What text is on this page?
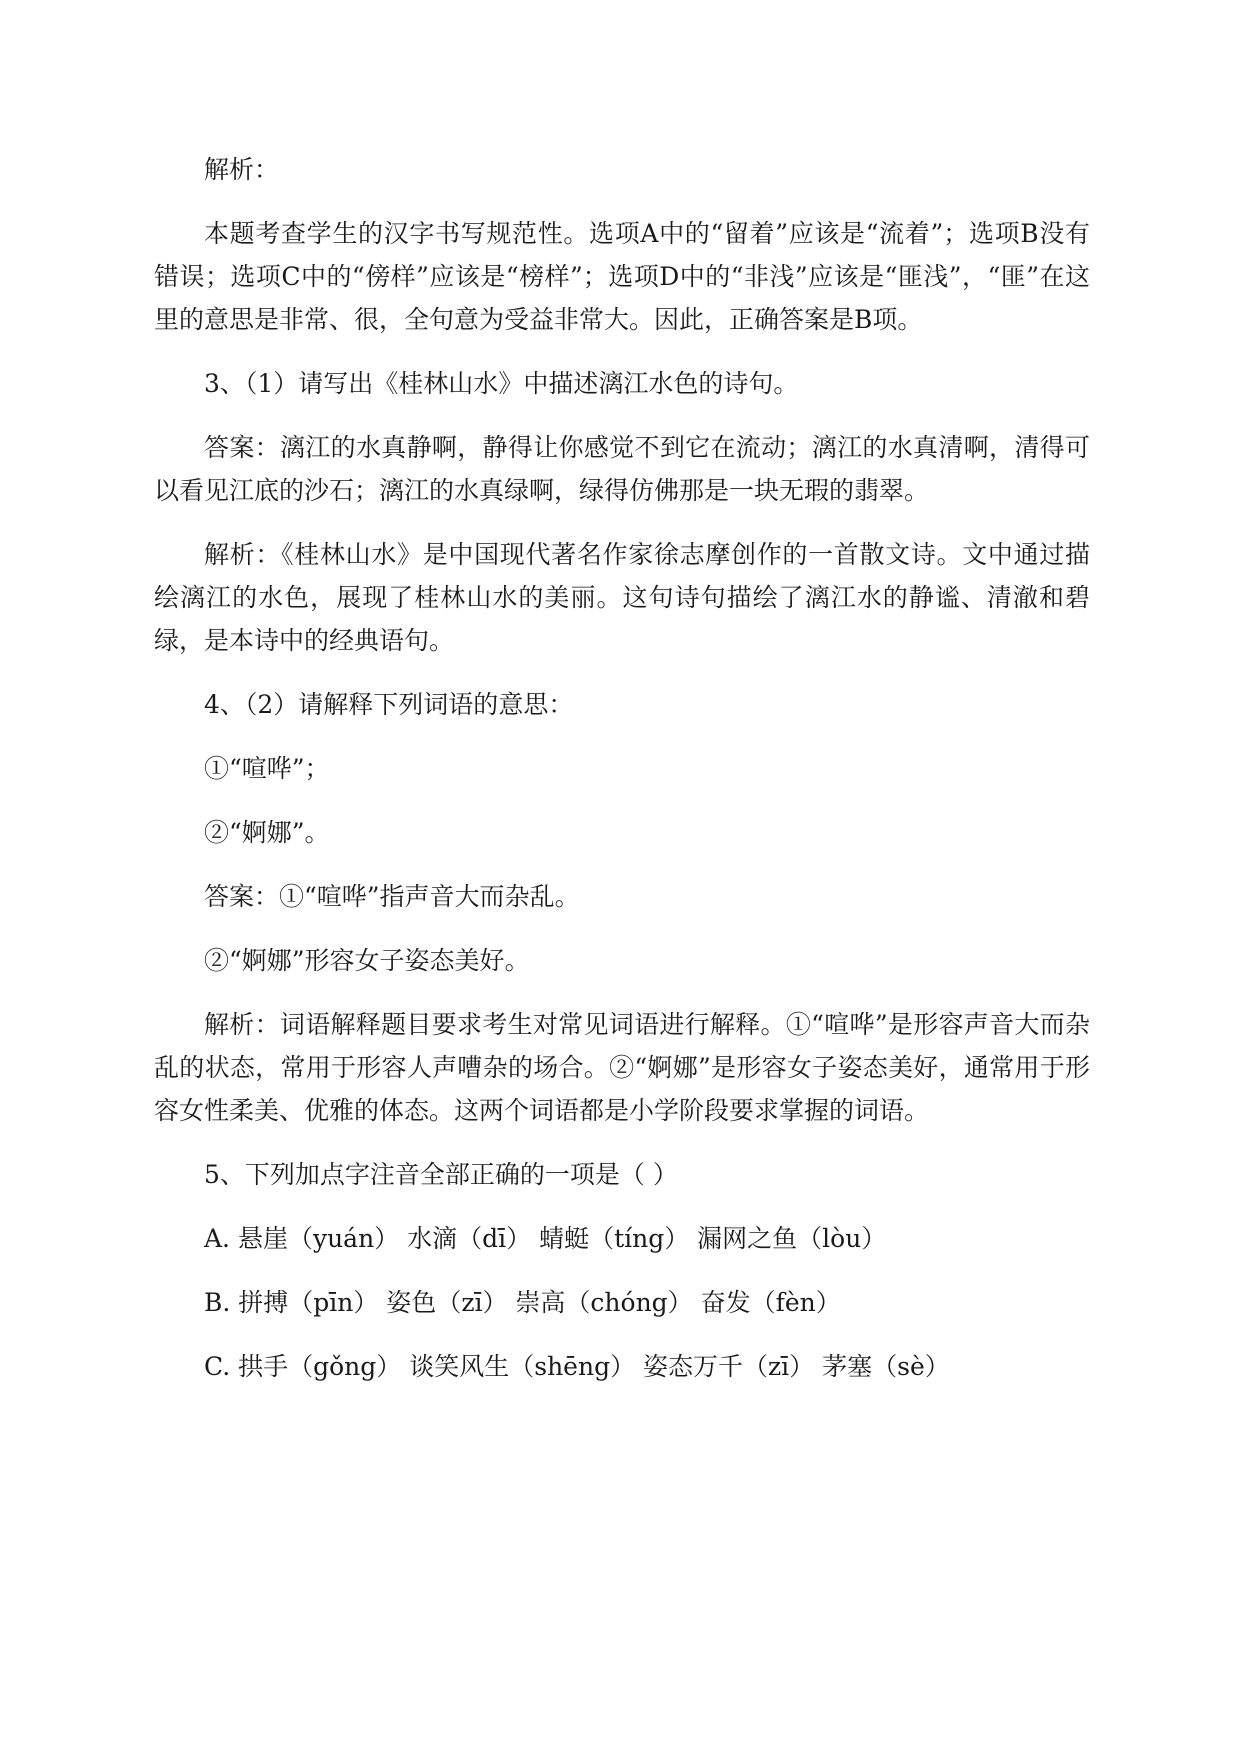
解析：

本题考查学生的汉字书写规范性。选项A中的“留着”应该是“流着”；选项B没有错误；选项C中的“傍样”应该是“榜样”；选项D中的“非浅”应该是“匪浅”，“匪”在这里的意思是非常、很，全句意为受益非常大。因此，正确答案是B项。

3、（1）请写出《桂林山水》中描述漓江水色的诗句。

答案：漓江的水真静啊，静得让你感觉不到它在流动；漓江的水真清啊，清得可以看见江底的沙石；漓江的水真绿啊，绿得仿佛那是一块无瑕的翡翠。

解析：《桂林山水》是中国现代著名作家徐志摩创作的一首散文诗。文中通过描绘漓江的水色，展现了桂林山水的美丽。这句诗句描绘了漓江水的静谧、清澈和碧绿，是本诗中的经典语句。

4、（2）请解释下列词语的意思：

①“喧哗”；

②“婀娜”。

答案：①“喧哗”指声音大而杂乱。

②“婀娜”形容女子姿态美好。

解析：词语解释题目要求考生对常见词语进行解释。①“喧哗”是形容声音大而杂乱的状态，常用于形容人声嘈杂的场合。②“婀娜”是形容女子姿态美好，通常用于形容女性柔美、优雅的体态。这两个词语都是小学阶段要求掌握的词语。

5、下列加点字注音全部正确的一项是（ ）

A. 悬崖（yuán） 水滴（dī） 蜻蜓（tíng） 漏网之鱼（lòu）

B. 拼搏（pīn） 姿色（zī） 崇高（chóng） 奋发（fèn）

C. 拱手（gǒng） 谈笑风生（shēng） 姿态万千（zī） 茅塞（sè）
